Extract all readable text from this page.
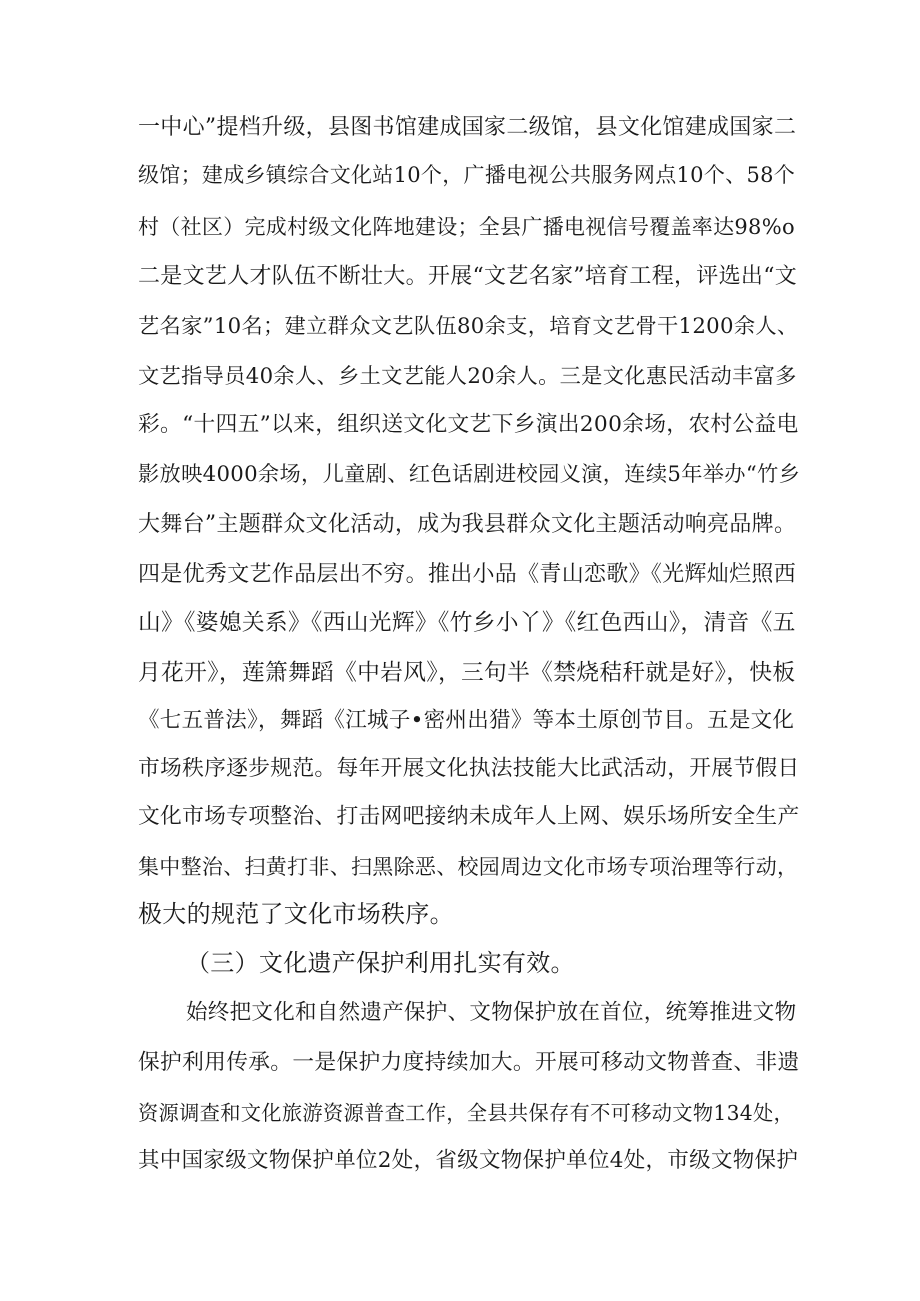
一中心”提档升级，县图书馆建成国家二级馆，县文化馆建成国家二
级馆；建成乡镇综合文化站10个，广播电视公共服务网点10个、58个
村（社区）完成村级文化阵地建设；全县广播电视信号覆盖率达98%o
二是文艺人才队伍不断壮大。开展“文艺名家”培育工程，评选出“文
艺名家”10名；建立群众文艺队伍80余支，培育文艺骨干1200余人、
文艺指导员40余人、乡土文艺能人20余人。三是文化惠民活动丰富多
彩。“十四五”以来，组织送文化文艺下乡演出200余场，农村公益电
影放映4000余场，儿童剧、红色话剧进校园义演，连续5年举办“竹乡
大舞台”主题群众文化活动，成为我县群众文化主题活动响亮品牌。
四是优秀文艺作品层出不穷。推出小品《青山恋歌》《光辉灿烂照西
山》《婆媳关系》《西山光辉》《竹乡小丫》《红色西山》，清音《五
月花开》，莲箫舞蹈《中岩风》，三句半《禁烧秸秆就是好》，快板
《七五普法》，舞蹈《江城子•密州出猎》等本土原创节目。五是文化
市场秩序逐步规范。每年开展文化执法技能大比武活动，开展节假日
文化市场专项整治、打击网吧接纳未成年人上网、娱乐场所安全生产
集中整治、扫黄打非、扫黑除恶、校园周边文化市场专项治理等行动，
极大的规范了文化市场秩序。
（三）文化遗产保护利用扎实有效。
始终把文化和自然遗产保护、文物保护放在首位，统筹推进文物
保护利用传承。一是保护力度持续加大。开展可移动文物普查、非遗
资源调查和文化旅游资源普查工作，全县共保存有不可移动文物134处，
其中国家级文物保护单位2处，省级文物保护单位4处，市级文物保护
